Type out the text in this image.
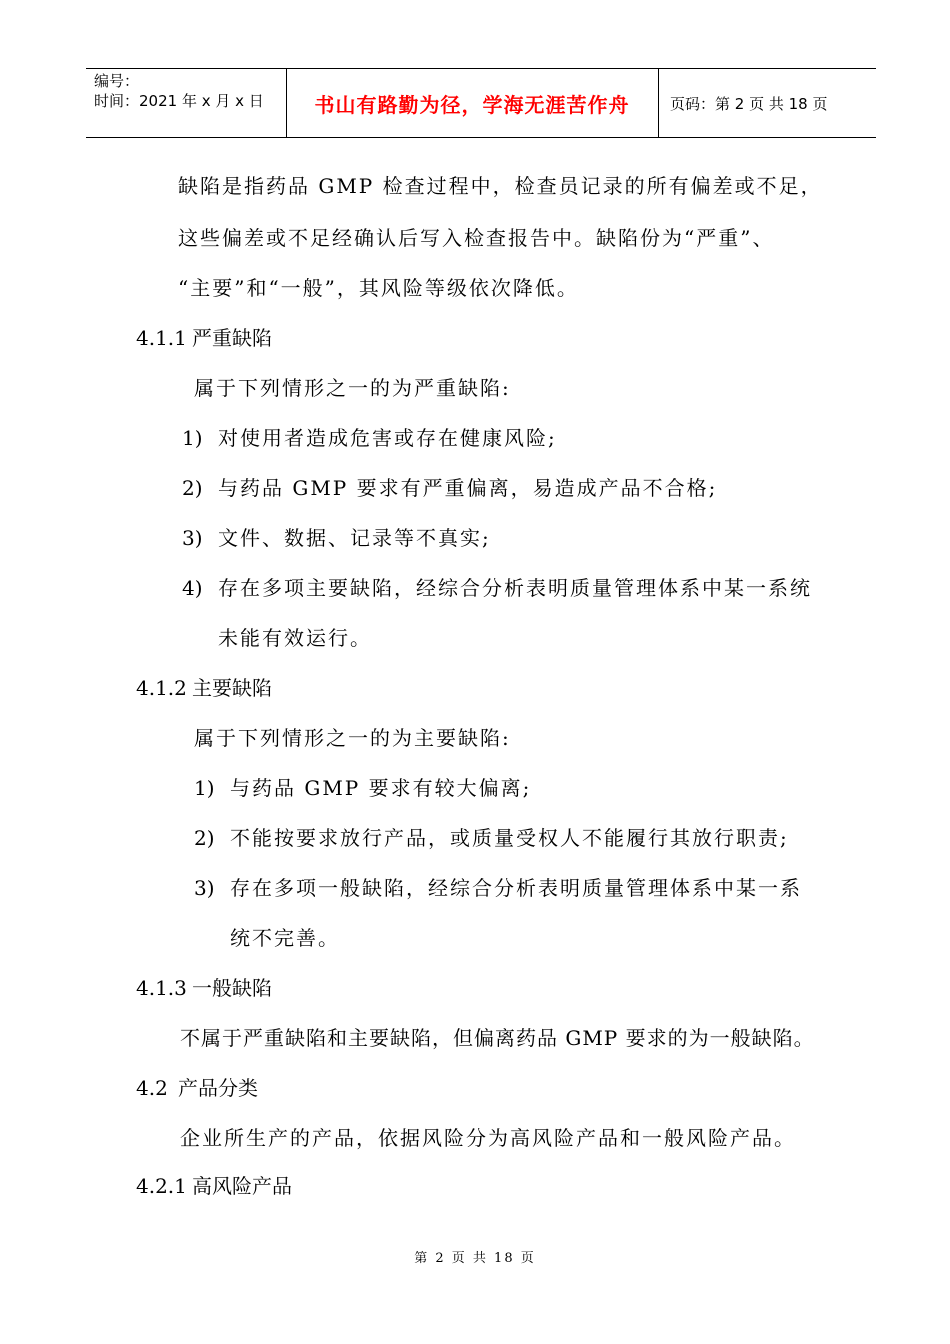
编号：
时间：2021 年 x 月 x 日	书山有路勤为径，学海无涯苦作舟	页码：第 2 页 共 18 页
缺陷是指药品 GMP 检查过程中，检查员记录的所有偏差或不足，
这些偏差或不足经确认后写入检查报告中。缺陷份为“严重”、
“主要”和“一般”，其风险等级依次降低。
4.1.1 严重缺陷
属于下列情形之一的为严重缺陷:
1) 对使用者造成危害或存在健康风险;
2) 与药品 GMP 要求有严重偏离，易造成产品不合格;
3) 文件、数据、记录等不真实;
4) 存在多项主要缺陷，经综合分析表明质量管理体系中某一系统
未能有效运行。
4.1.2 主要缺陷
属于下列情形之一的为主要缺陷:
1) 与药品 GMP 要求有较大偏离;
2) 不能按要求放行产品，或质量受权人不能履行其放行职责;
3) 存在多项一般缺陷，经综合分析表明质量管理体系中某一系
统不完善。
4.1.3 一般缺陷
不属于严重缺陷和主要缺陷，但偏离药品 GMP 要求的为一般缺陷。
4.2 产品分类
企业所生产的产品，依据风险分为高风险产品和一般风险产品。
4.2.1 高风险产品
第 2 页 共 18 页
